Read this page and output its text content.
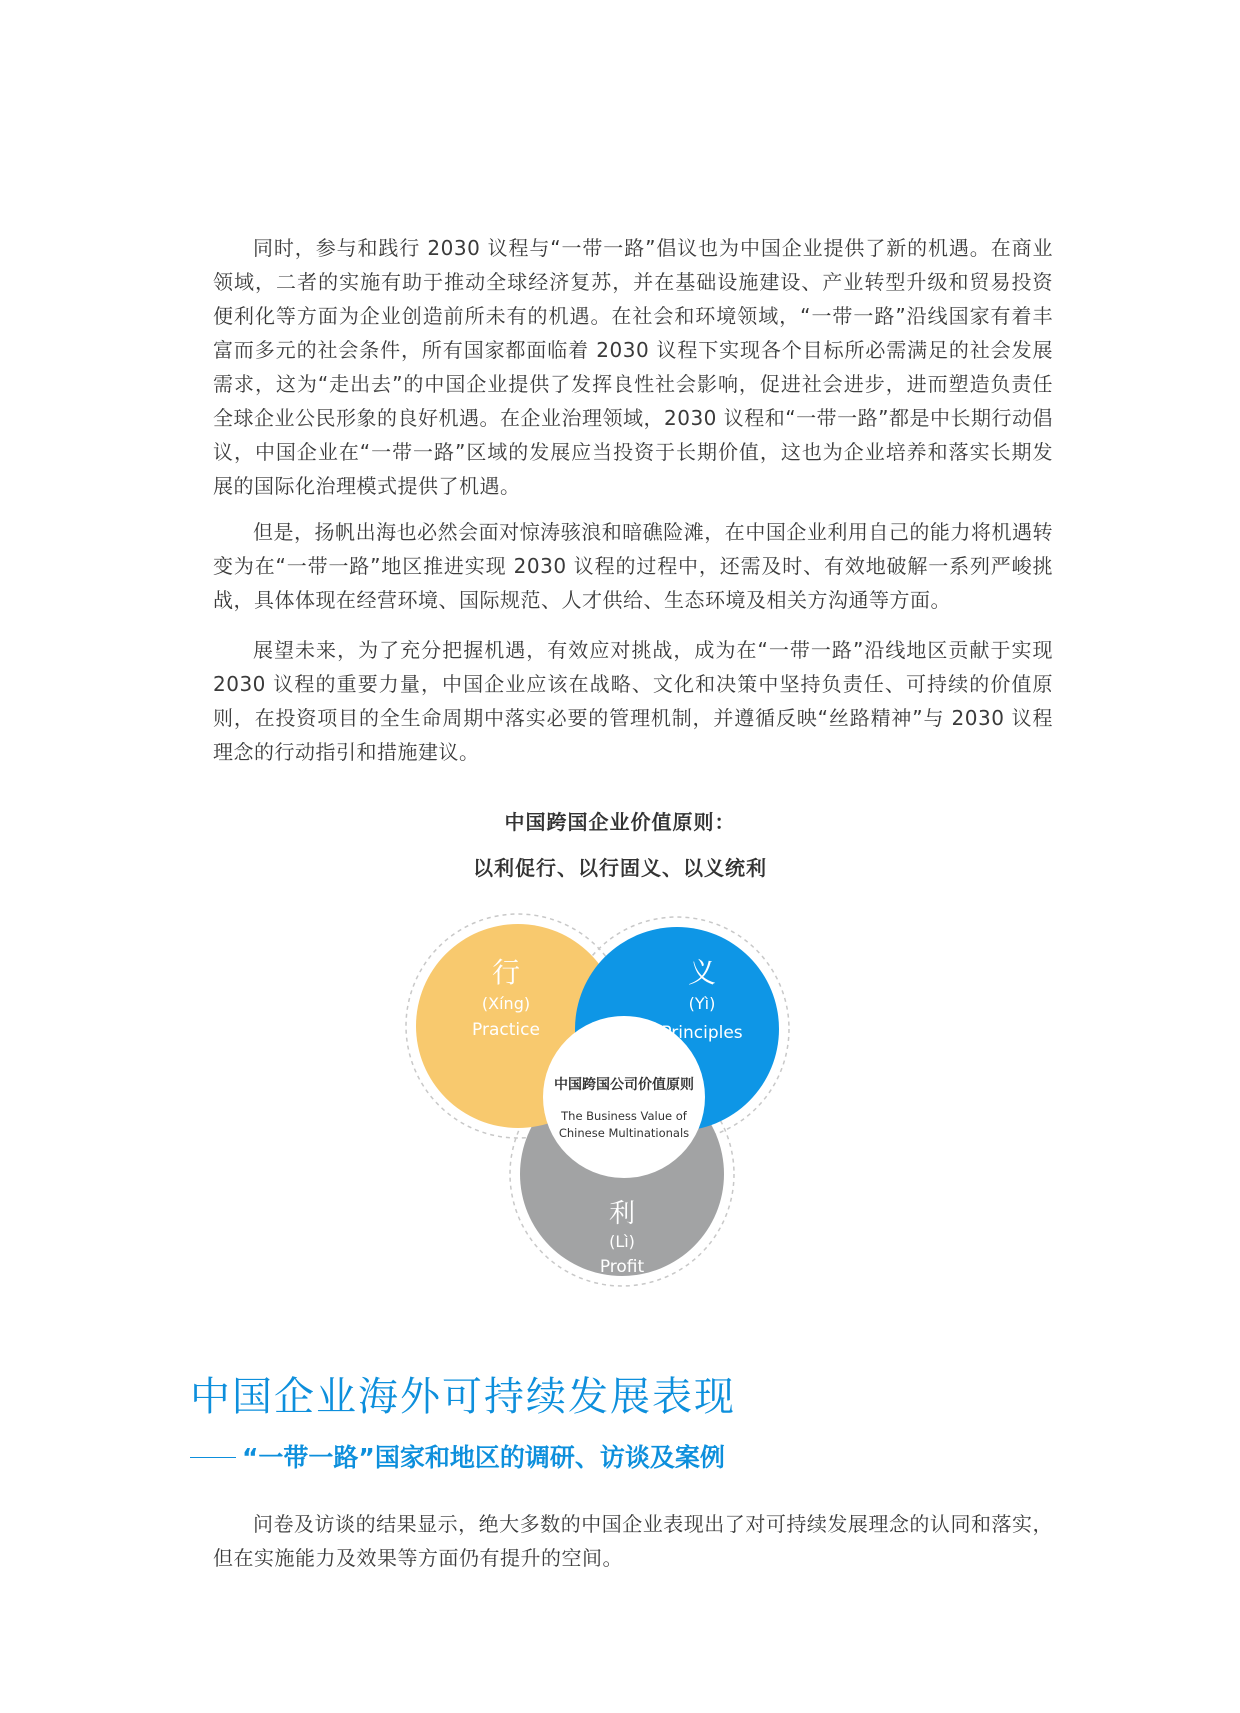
同时，参与和践行 2030 议程与“一带一路”倡议也为中国企业提供了新的机遇。在商业领域，二者的实施有助于推动全球经济复苏，并在基础设施建设、产业转型升级和贸易投资便利化等方面为企业创造前所未有的机遇。在社会和环境领域，“一带一路”沿线国家有着丰富而多元的社会条件，所有国家都面临着 2030 议程下实现各个目标所必需满足的社会发展需求，这为“走出去”的中国企业提供了发挥良性社会影响，促进社会进步，进而塑造负责任全球企业公民形象的良好机遇。在企业治理领域，2030 议程和“一带一路”都是中长期行动倡议，中国企业在“一带一路”区域的发展应当投资于长期价值，这也为企业培养和落实长期发展的国际化治理模式提供了机遇。

但是，扬帆出海也必然会面对惊涛骇浪和暗礁险滩，在中国企业利用自己的能力将机遇转变为在“一带一路”地区推进实现 2030 议程的过程中，还需及时、有效地破解一系列严峻挑战，具体体现在经营环境、国际规范、人才供给、生态环境及相关方沟通等方面。

展望未来，为了充分把握机遇，有效应对挑战，成为在“一带一路”沿线地区贡献于实现 2030 议程的重要力量，中国企业应该在战略、文化和决策中坚持负责任、可持续的价值原则，在投资项目的全生命周期中落实必要的管理机制，并遵循反映“丝路精神”与 2030 议程理念的行动指引和措施建议。

中国跨国企业价值原则：

以利促行、以行固义、以义统利

行
(Xíng)
Practice
义
(Yì)
Principles
利
(Lì)
Profit
中国跨国公司价值原则
The Business Value of
Chinese Multinationals
中国企业海外可持续发展表现
“一带一路”国家和地区的调研、访谈及案例

问卷及访谈的结果显示，绝大多数的中国企业表现出了对可持续发展理念的认同和落实，但在实施能力及效果等方面仍有提升的空间。
